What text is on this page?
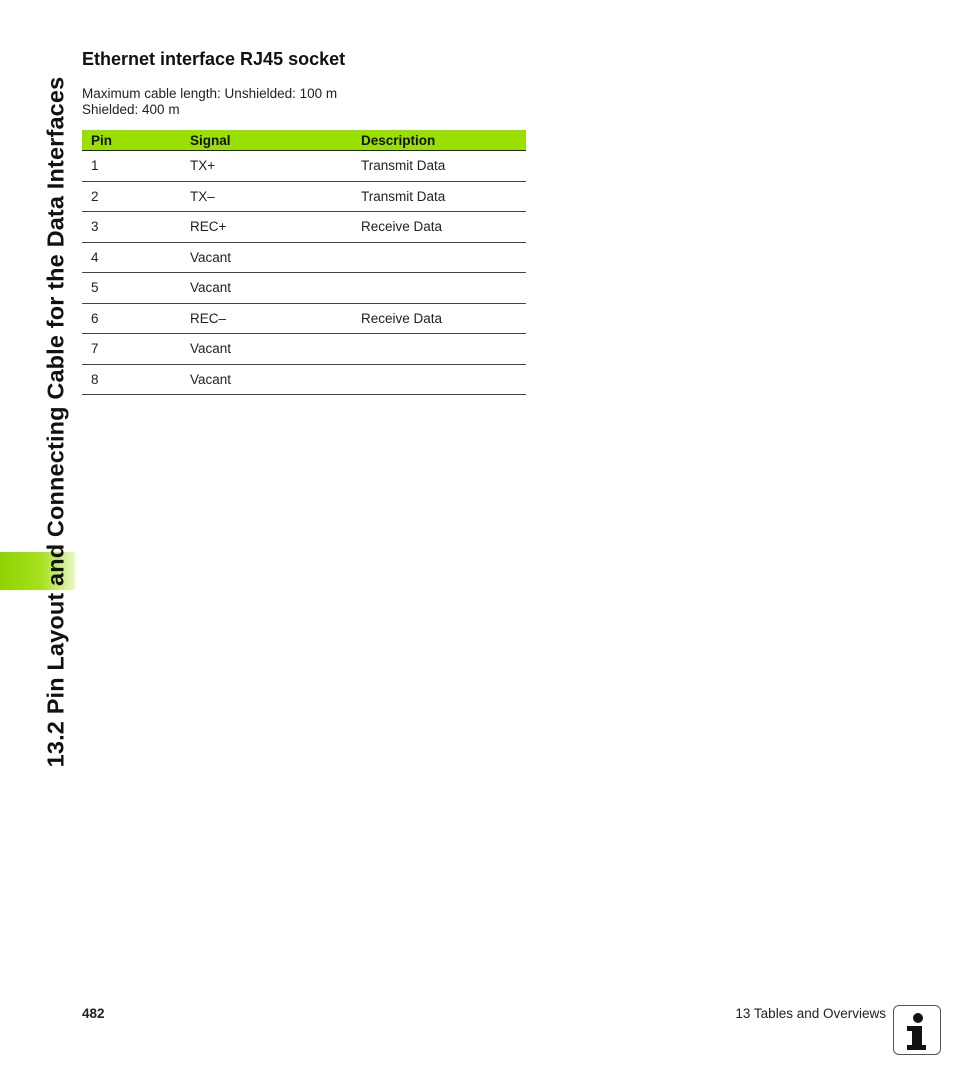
13.2 Pin Layout and Connecting Cable for the Data Interfaces
Ethernet interface RJ45 socket
Maximum cable length: Unshielded: 100 m
Shielded: 400 m
Pin	Signal	Description
1	TX+	Transmit Data
2	TX–	Transmit Data
3	REC+	Receive Data
4	Vacant	
5	Vacant	
6	REC–	Receive Data
7	Vacant	
8	Vacant	
482	13 Tables and Overviews
